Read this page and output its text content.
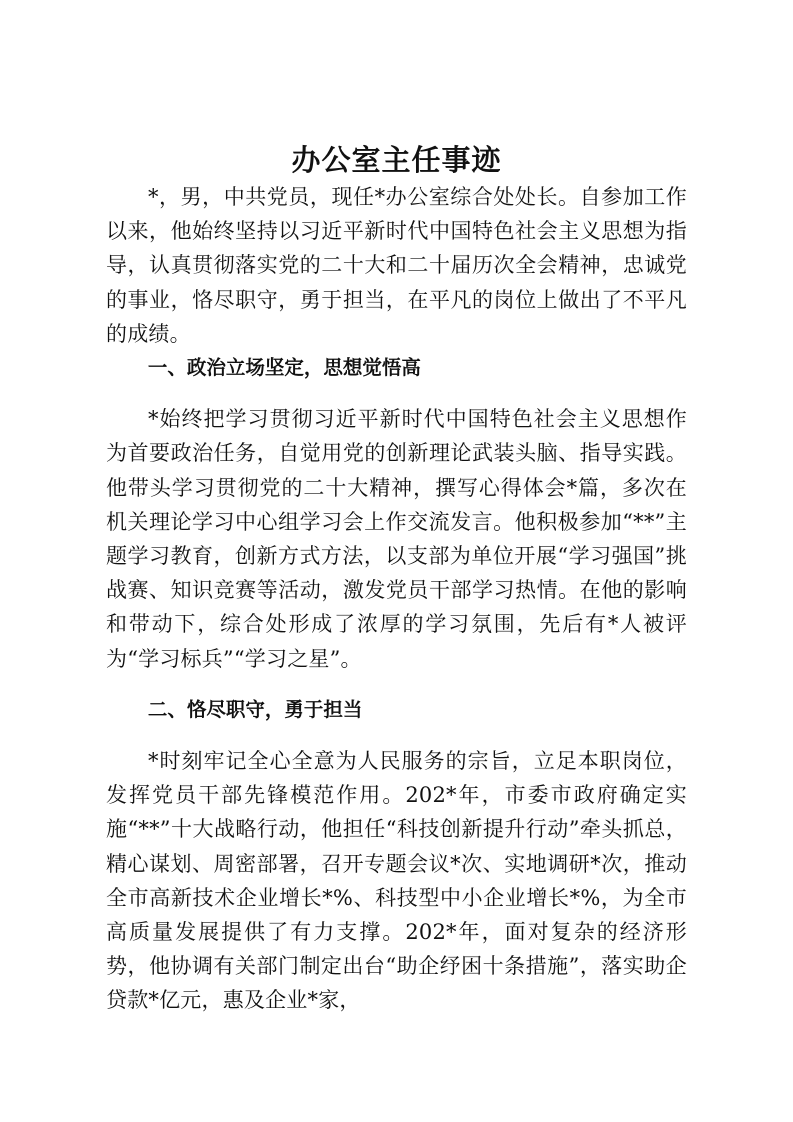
办公室主任事迹

*，男，中共党员，现任*办公室综合处处长。自参加工作以来，他始终坚持以习近平新时代中国特色社会主义思想为指导，认真贯彻落实党的二十大和二十届历次全会精神，忠诚党的事业，恪尽职守，勇于担当，在平凡的岗位上做出了不平凡的成绩。

一、政治立场坚定，思想觉悟高

*始终把学习贯彻习近平新时代中国特色社会主义思想作为首要政治任务，自觉用党的创新理论武装头脑、指导实践。他带头学习贯彻党的二十大精神，撰写心得体会*篇，多次在机关理论学习中心组学习会上作交流发言。他积极参加“**”主题学习教育，创新方式方法，以支部为单位开展“学习强国”挑战赛、知识竞赛等活动，激发党员干部学习热情。在他的影响和带动下，综合处形成了浓厚的学习氛围，先后有*人被评为“学习标兵”“学习之星”。

二、恪尽职守，勇于担当

*时刻牢记全心全意为人民服务的宗旨，立足本职岗位，发挥党员干部先锋模范作用。202*年，市委市政府确定实施“**”十大战略行动，他担任“科技创新提升行动”牵头抓总，精心谋划、周密部署，召开专题会议*次、实地调研*次，推动全市高新技术企业增长*%、科技型中小企业增长*%，为全市高质量发展提供了有力支撑。202*年，面对复杂的经济形势，他协调有关部门制定出台“助企纾困十条措施”，落实助企贷款*亿元，惠及企业*家，
